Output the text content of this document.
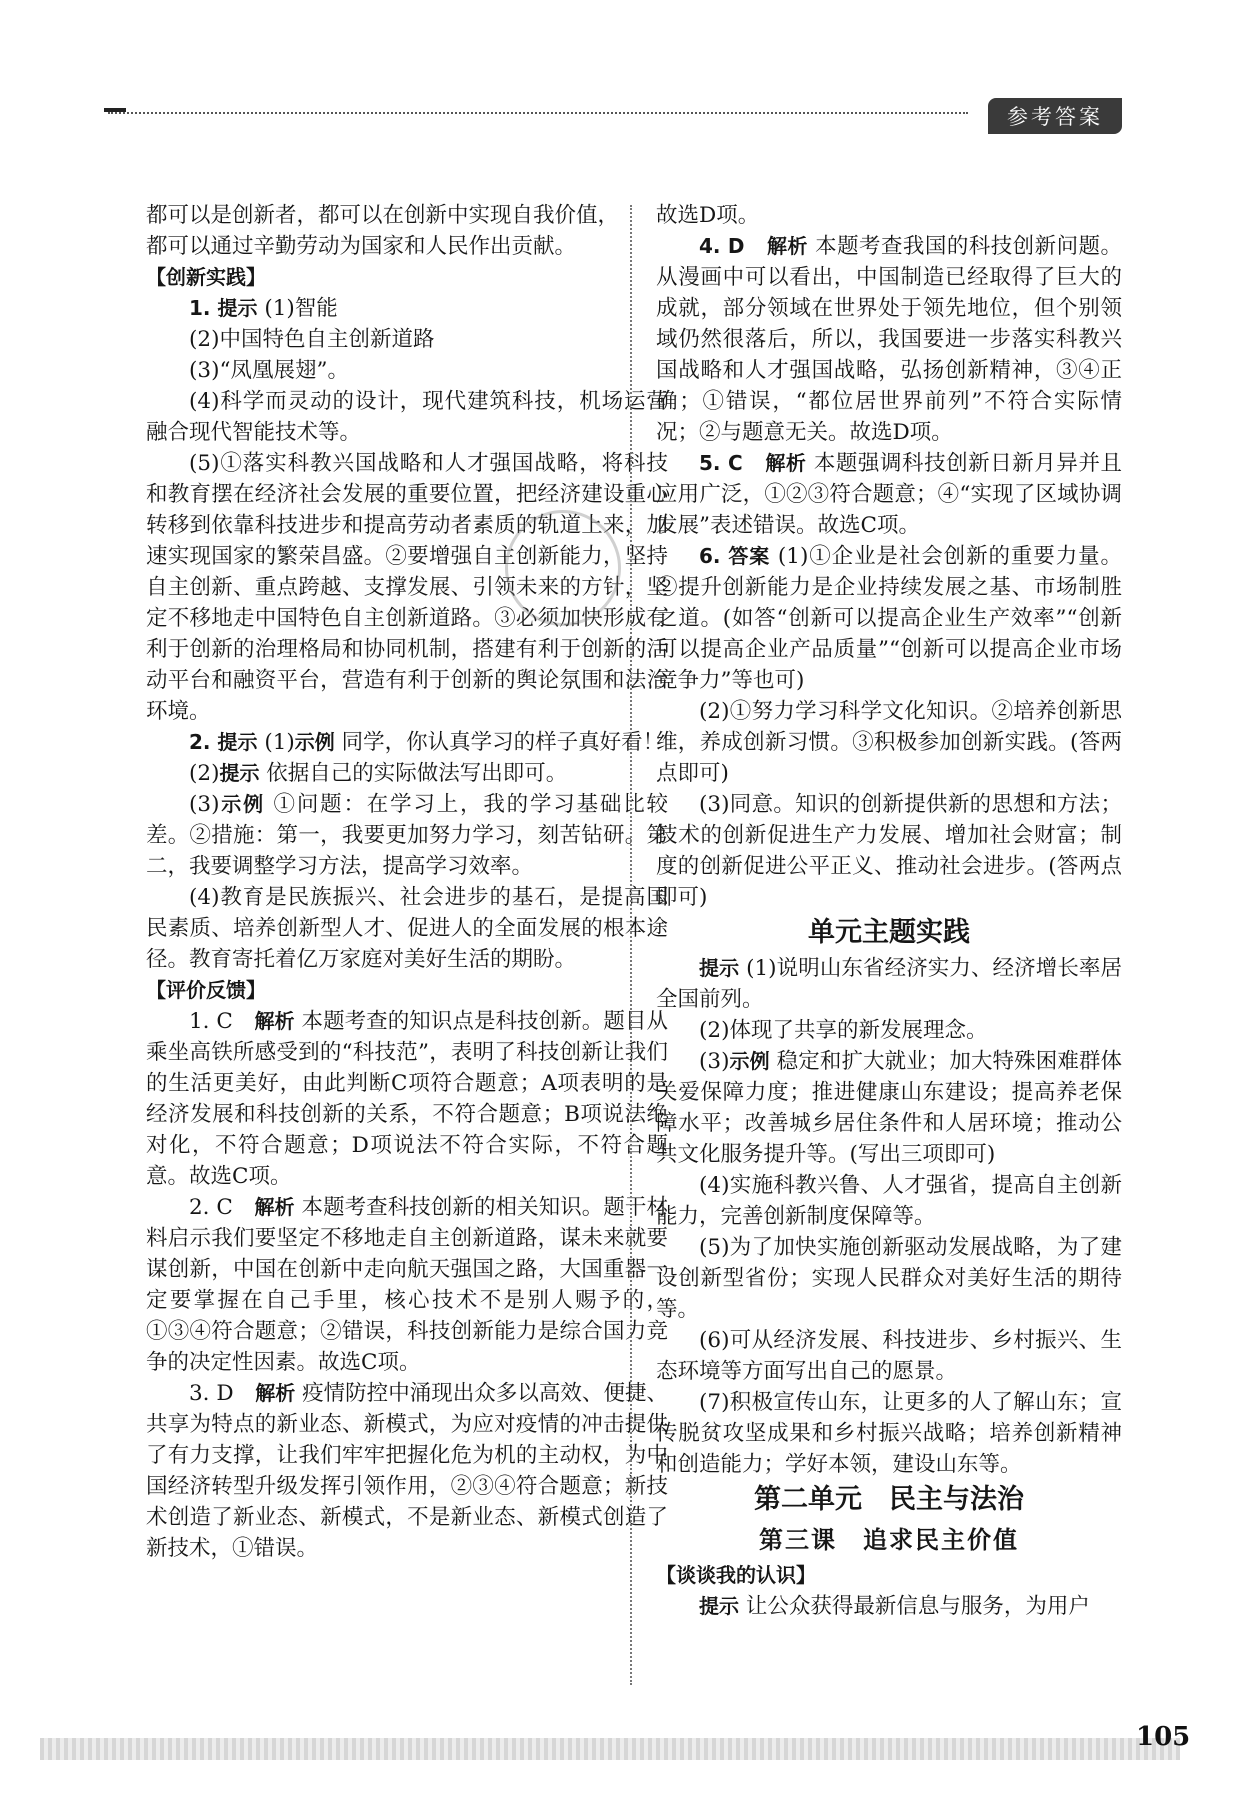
参考答案

都可以是创新者，都可以在创新中实现自我价值，

都可以通过辛勤劳动为国家和人民作出贡献。

【创新实践】

1. 提示 (1)智能

(2)中国特色自主创新道路

(3)“凤凰展翅”。

(4)科学而灵动的设计，现代建筑科技，机场运营融合现代智能技术等。

(5)①落实科教兴国战略和人才强国战略，将科技和教育摆在经济社会发展的重要位置，把经济建设重心转移到依靠科技进步和提高劳动者素质的轨道上来，加速实现国家的繁荣昌盛。②要增强自主创新能力，坚持自主创新、重点跨越、支撑发展、引领未来的方针，坚定不移地走中国特色自主创新道路。③必须加快形成有利于创新的治理格局和协同机制，搭建有利于创新的活动平台和融资平台，营造有利于创新的舆论氛围和法治环境。

2. 提示 (1)示例 同学，你认真学习的样子真好看！

(2)提示 依据自己的实际做法写出即可。

(3)示例 ①问题：在学习上，我的学习基础比较差。②措施：第一，我要更加努力学习，刻苦钻研。第二，我要调整学习方法，提高学习效率。

(4)教育是民族振兴、社会进步的基石，是提高国民素质、培养创新型人才、促进人的全面发展的根本途径。教育寄托着亿万家庭对美好生活的期盼。

【评价反馈】

1. C　 解析 本题考查的知识点是科技创新。题目从乘坐高铁所感受到的“科技范”，表明了科技创新让我们的生活更美好，由此判断C项符合题意；A项表明的是经济发展和科技创新的关系，不符合题意；B项说法绝对化，不符合题意；D项说法不符合实际，不符合题意。故选C项。

2. C　 解析 本题考查科技创新的相关知识。题干材料启示我们要坚定不移地走自主创新道路，谋未来就要谋创新，中国在创新中走向航天强国之路，大国重器一定要掌握在自己手里，核心技术不是别人赐予的，①③④符合题意；②错误，科技创新能力是综合国力竞争的决定性因素。故选C项。

3. D　 解析 疫情防控中涌现出众多以高效、便捷、共享为特点的新业态、新模式，为应对疫情的冲击提供了有力支撑，让我们牢牢把握化危为机的主动权，为中国经济转型升级发挥引领作用，②③④符合题意；新技术创造了新业态、新模式，不是新业态、新模式创造了新技术，①错误。

故选D项。

4. D　 解析 本题考查我国的科技创新问题。从漫画中可以看出，中国制造已经取得了巨大的成就，部分领域在世界处于领先地位，但个别领域仍然很落后，所以，我国要进一步落实科教兴国战略和人才强国战略，弘扬创新精神，③④正确；①错误，“都位居世界前列”不符合实际情况；②与题意无关。故选D项。

5. C　 解析 本题强调科技创新日新月异并且应用广泛，①②③符合题意；④“实现了区域协调发展”表述错误。故选C项。

6. 答案 (1)①企业是社会创新的重要力量。②提升创新能力是企业持续发展之基、市场制胜之道。(如答“创新可以提高企业生产效率”“创新可以提高企业产品质量”“创新可以提高企业市场竞争力”等也可)

(2)①努力学习科学文化知识。②培养创新思维，养成创新习惯。③积极参加创新实践。(答两点即可)

(3)同意。知识的创新提供新的思想和方法；技术的创新促进生产力发展、增加社会财富；制度的创新促进公平正义、推动社会进步。(答两点即可)

单元主题实践

提示 (1)说明山东省经济实力、经济增长率居全国前列。

(2)体现了共享的新发展理念。

(3)示例 稳定和扩大就业；加大特殊困难群体关爱保障力度；推进健康山东建设；提高养老保障水平；改善城乡居住条件和人居环境；推动公共文化服务提升等。(写出三项即可)

(4)实施科教兴鲁、人才强省，提高自主创新能力，完善创新制度保障等。

(5)为了加快实施创新驱动发展战略，为了建设创新型省份；实现人民群众对美好生活的期待等。

(6)可从经济发展、科技进步、乡村振兴、生态环境等方面写出自己的愿景。

(7)积极宣传山东，让更多的人了解山东；宣传脱贫攻坚成果和乡村振兴战略；培养创新精神和创造能力；学好本领，建设山东等。

第二单元　民主与法治

第三课　追求民主价值

【谈谈我的认识】

提示 让公众获得最新信息与服务，为用户

105
